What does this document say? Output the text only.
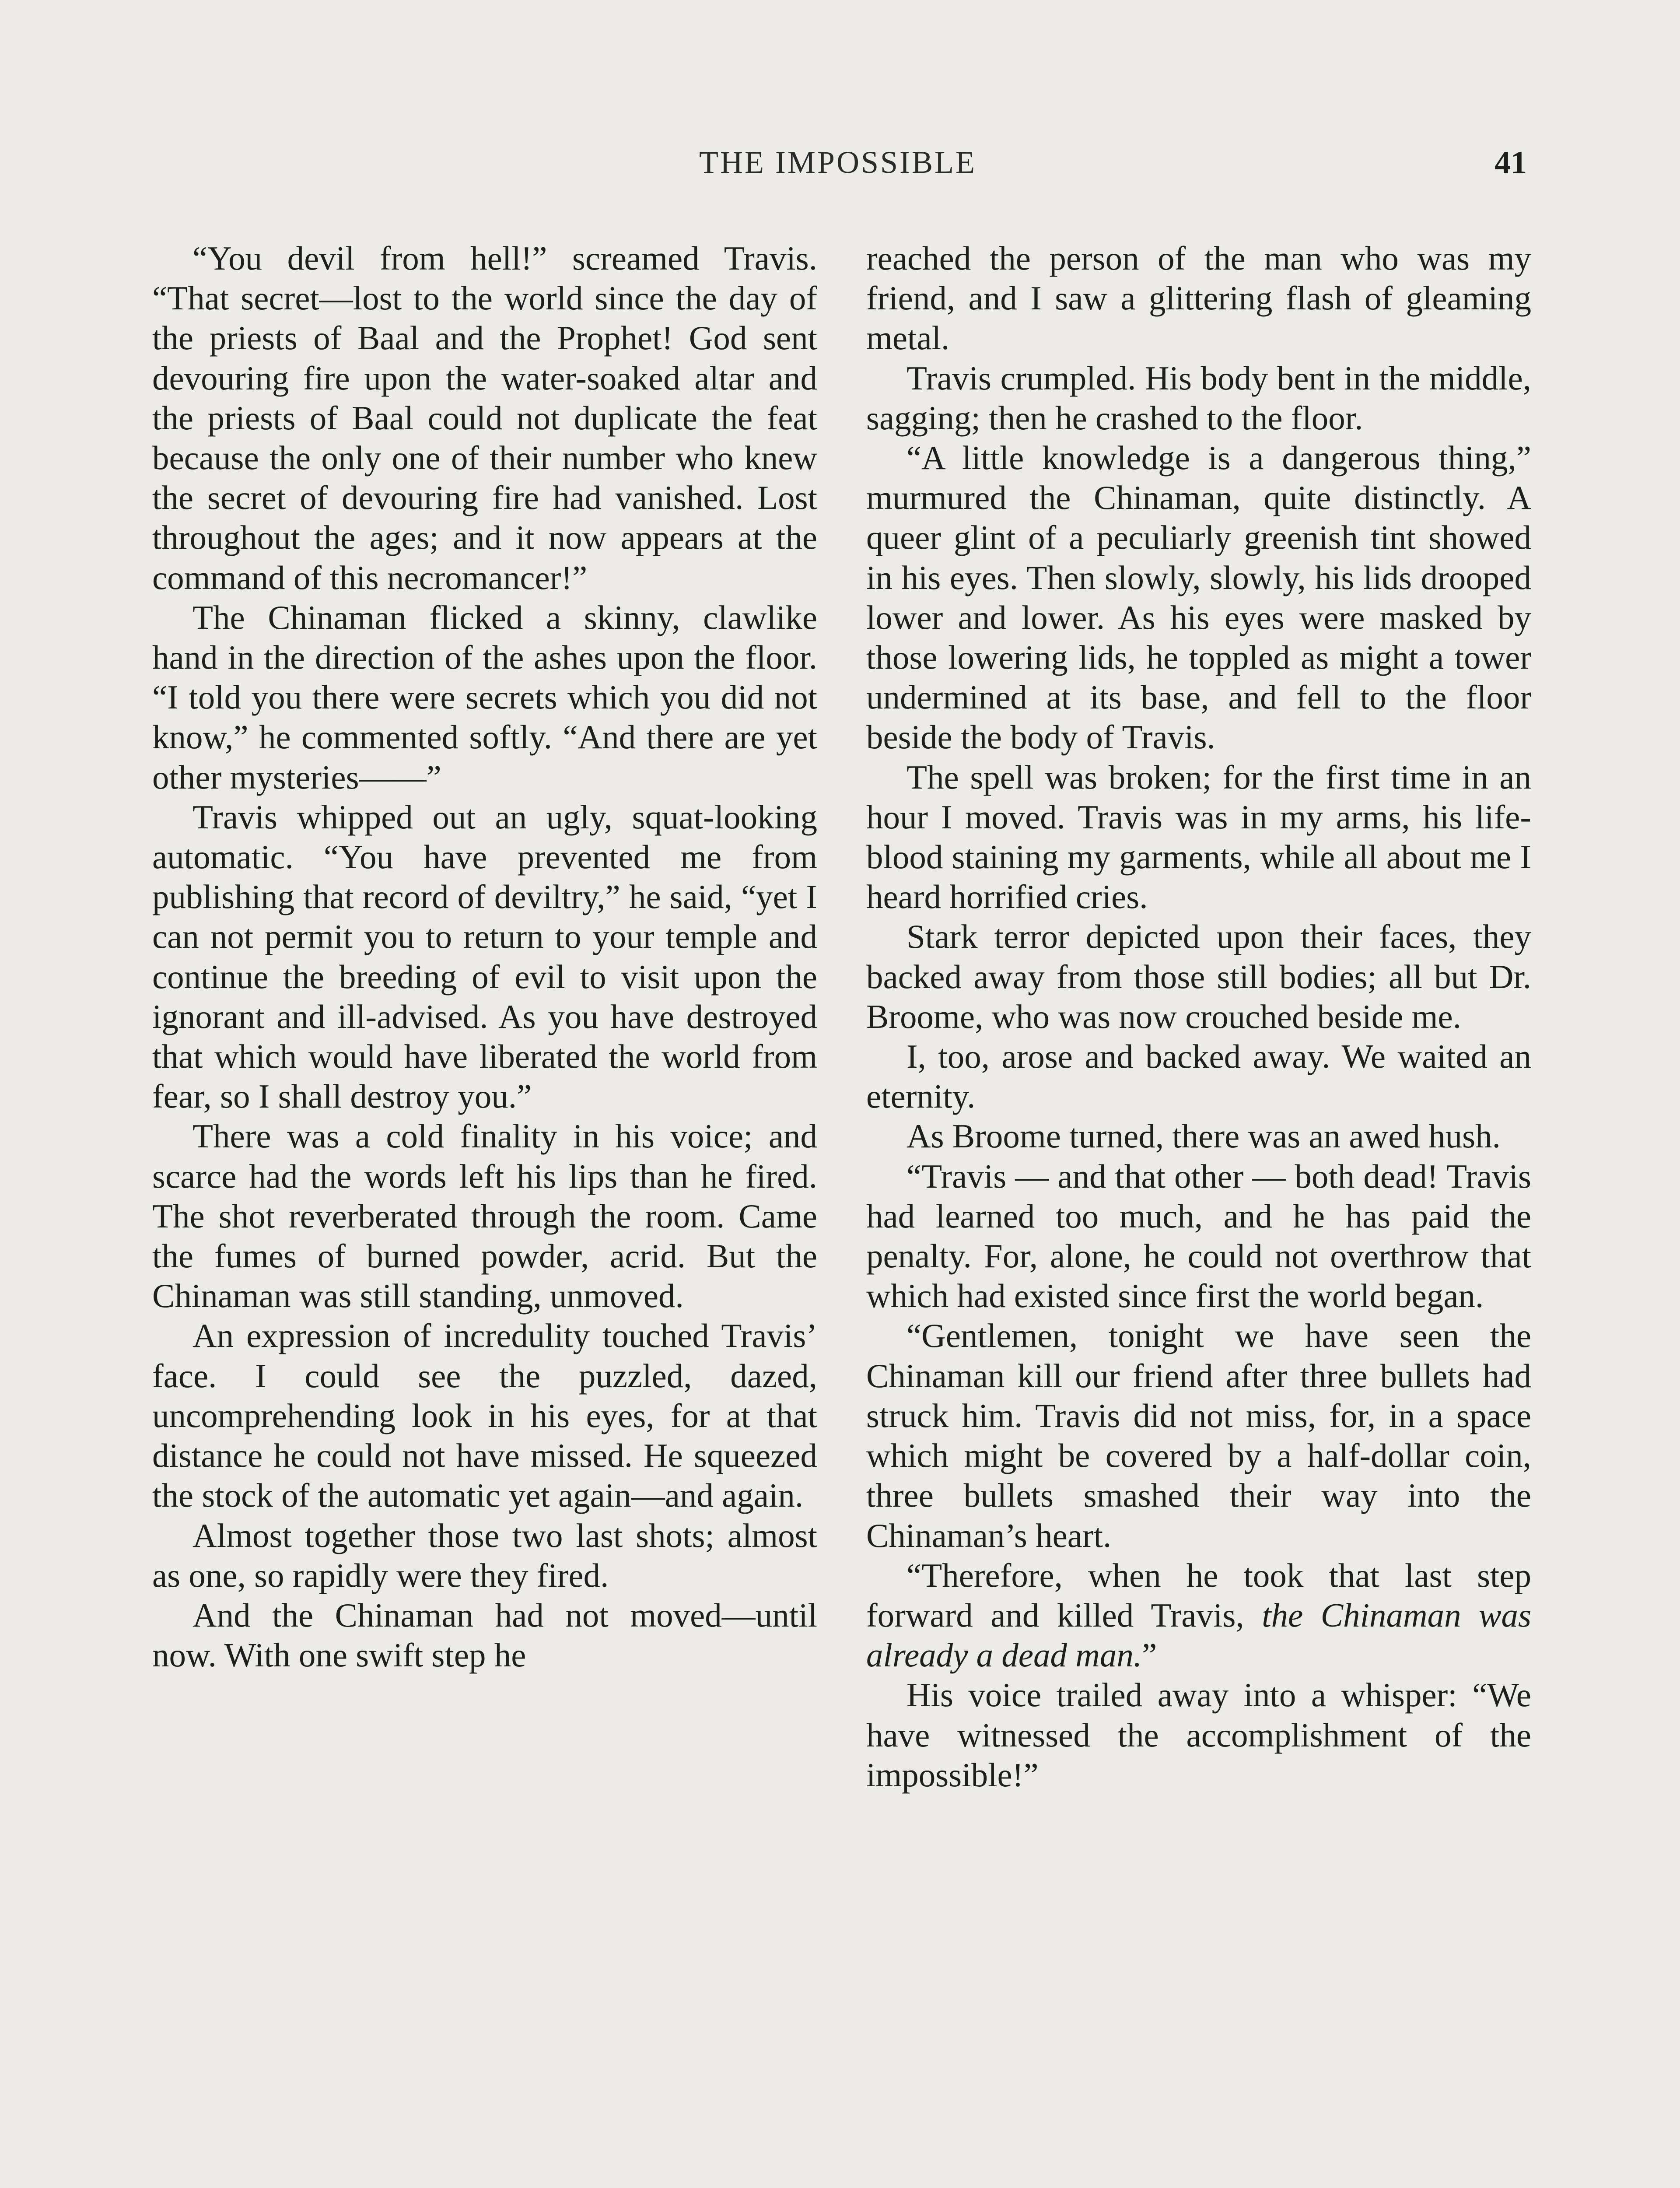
THE IMPOSSIBLE	41

“You devil from hell!” screamed Travis. “That secret—lost to the world since the day of the priests of Baal and the Prophet! God sent devouring fire upon the water-soaked altar and the priests of Baal could not duplicate the feat because the only one of their number who knew the secret of devouring fire had vanished. Lost throughout the ages; and it now appears at the command of this necromancer!”

The Chinaman flicked a skinny, clawlike hand in the direction of the ashes upon the floor. “I told you there were secrets which you did not know,” he commented softly. “And there are yet other mysteries——”

Travis whipped out an ugly, squat-looking automatic. “You have prevented me from publishing that record of deviltry,” he said, “yet I can not permit you to return to your temple and continue the breeding of evil to visit upon the ignorant and ill-advised. As you have destroyed that which would have liberated the world from fear, so I shall destroy you.”

There was a cold finality in his voice; and scarce had the words left his lips than he fired. The shot reverberated through the room. Came the fumes of burned powder, acrid. But the Chinaman was still standing, unmoved.

An expression of incredulity touched Travis’ face. I could see the puzzled, dazed, uncomprehending look in his eyes, for at that distance he could not have missed. He squeezed the stock of the automatic yet again—and again.

Almost together those two last shots; almost as one, so rapidly were they fired.

And the Chinaman had not moved—until now. With one swift step he

reached the person of the man who was my friend, and I saw a glittering flash of gleaming metal.

Travis crumpled. His body bent in the middle, sagging; then he crashed to the floor.

“A little knowledge is a dangerous thing,” murmured the Chinaman, quite distinctly. A queer glint of a peculiarly greenish tint showed in his eyes. Then slowly, slowly, his lids drooped lower and lower. As his eyes were masked by those lowering lids, he toppled as might a tower undermined at its base, and fell to the floor beside the body of Travis.

The spell was broken; for the first time in an hour I moved. Travis was in my arms, his life-blood staining my garments, while all about me I heard horrified cries.

Stark terror depicted upon their faces, they backed away from those still bodies; all but Dr. Broome, who was now crouched beside me.

I, too, arose and backed away. We waited an eternity.

As Broome turned, there was an awed hush.

“Travis — and that other — both dead! Travis had learned too much, and he has paid the penalty. For, alone, he could not overthrow that which had existed since first the world began.

“Gentlemen, tonight we have seen the Chinaman kill our friend after three bullets had struck him. Travis did not miss, for, in a space which might be covered by a half-dollar coin, three bullets smashed their way into the Chinaman’s heart.

“Therefore, when he took that last step forward and killed Travis, the Chinaman was already a dead man.”

His voice trailed away into a whisper: “We have witnessed the accomplishment of the impossible!”
